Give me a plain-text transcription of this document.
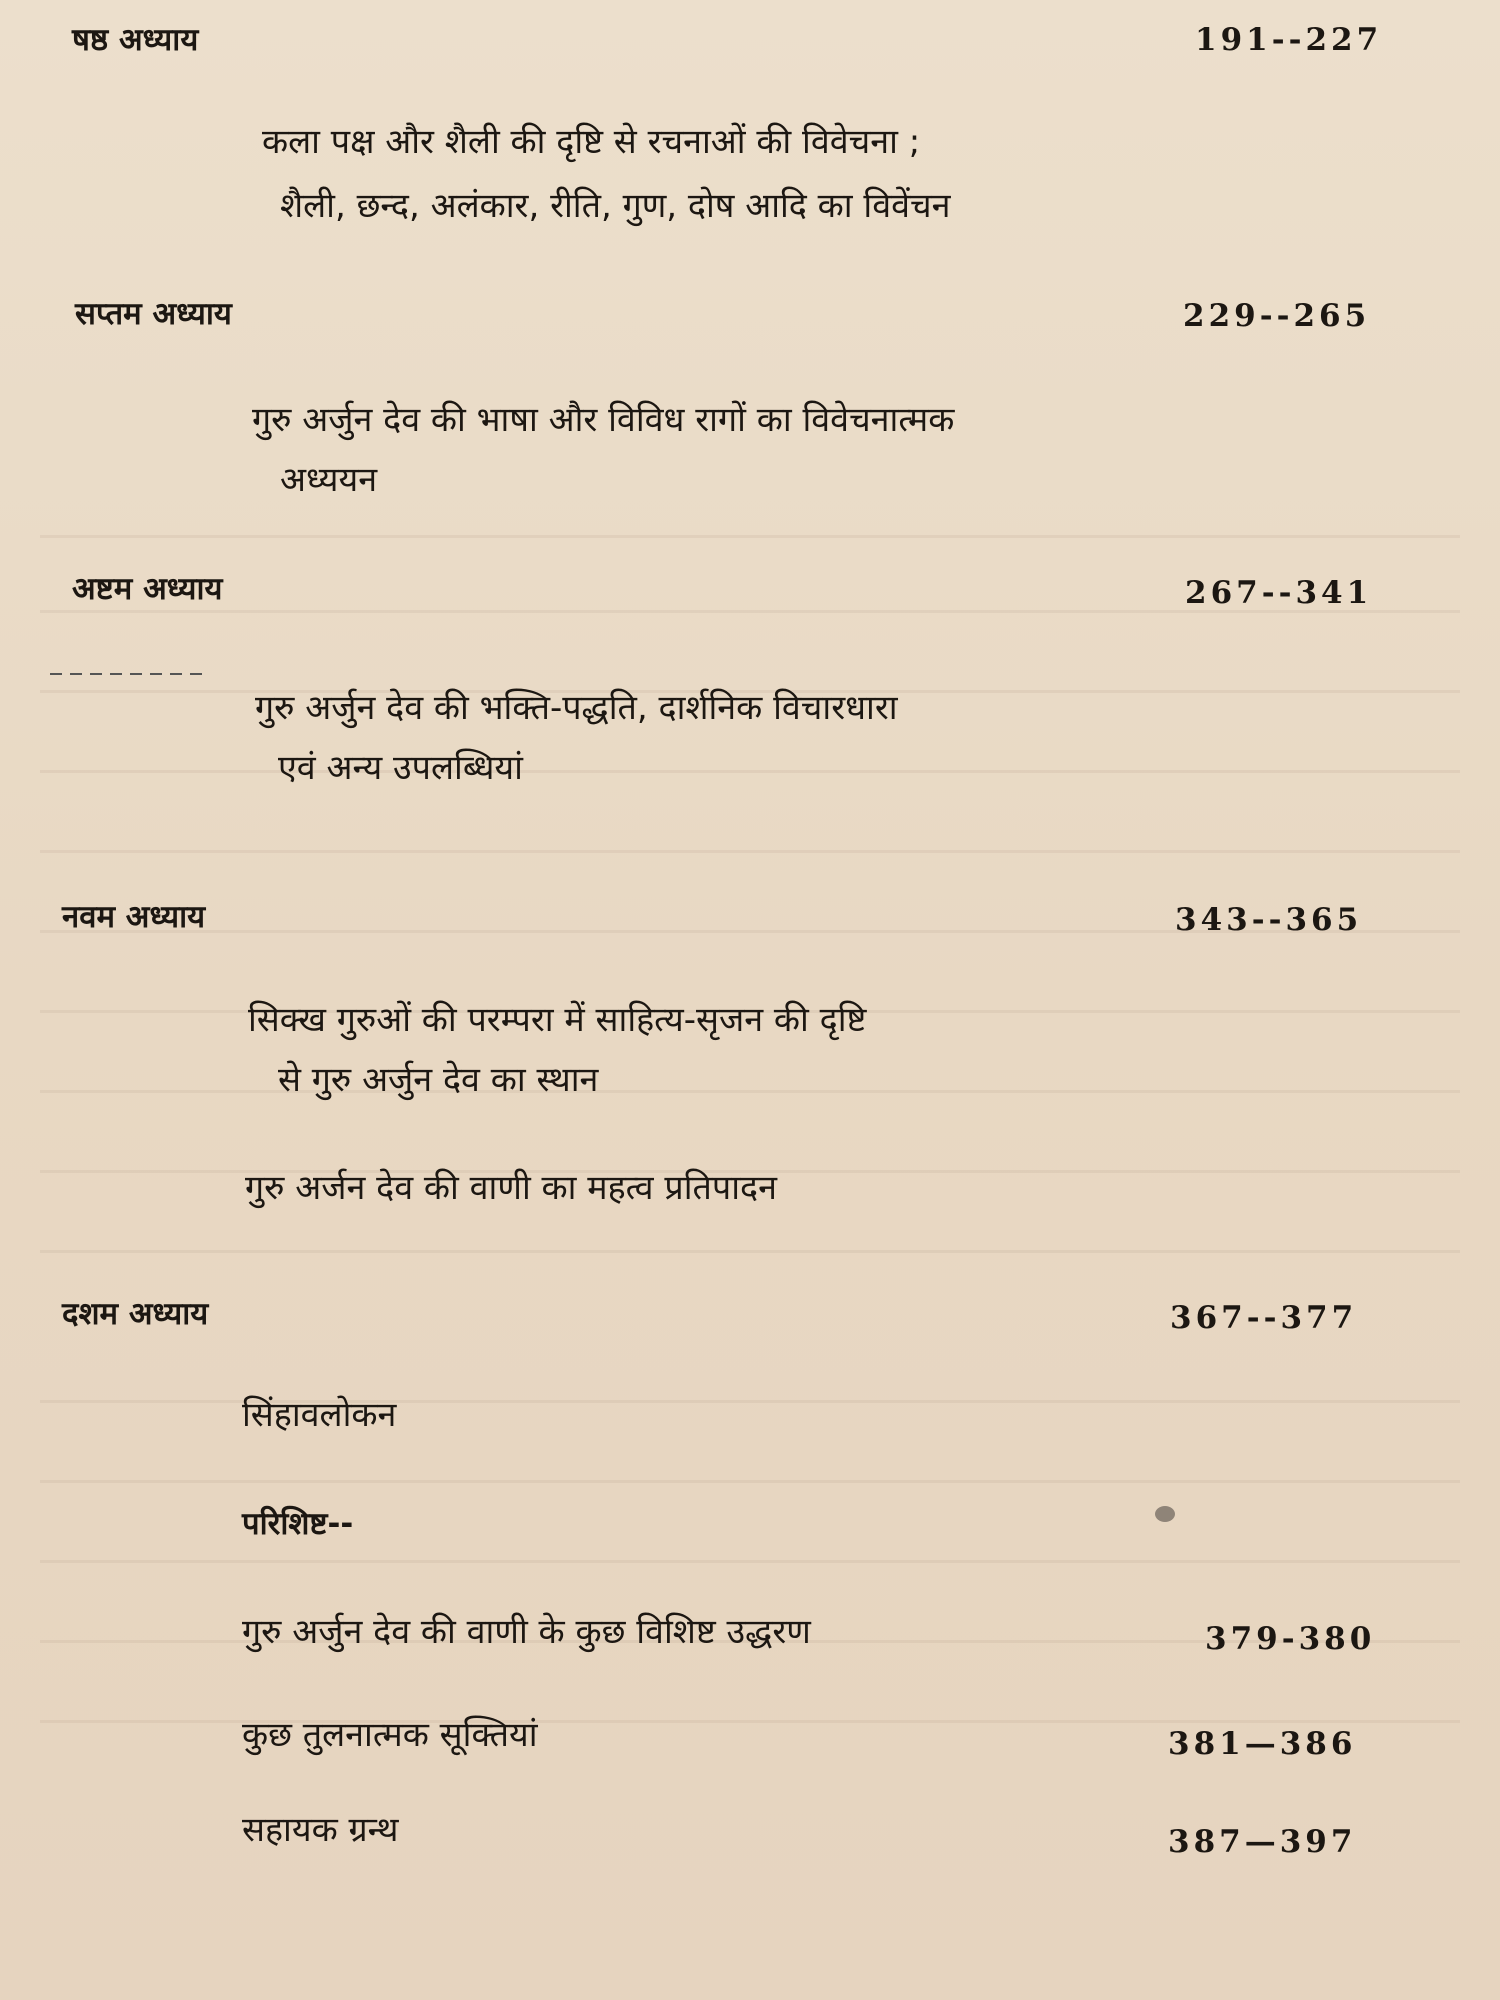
षष्ठ अध्याय	191--227
कला पक्ष और शैली की दृष्टि से रचनाओं की विवेचना ;
शैली, छन्द, अलंकार, रीति, गुण, दोष आदि का विवेंचन
सप्तम अध्याय	229--265
गुरु अर्जुन देव की भाषा और विविध रागों का विवेचनात्मक
अध्ययन
अष्टम अध्याय	267--341
गुरु अर्जुन देव की भक्ति-पद्धति, दार्शनिक विचारधारा
एवं अन्य उपलब्धियां
नवम अध्याय	343--365
सिक्ख गुरुओं की परम्परा में साहित्य-सृजन की दृष्टि
से गुरु अर्जुन देव का स्थान
गुरु अर्जन देव की वाणी का महत्व प्रतिपादन
दशम अध्याय	367--377
सिंहावलोकन
परिशिष्ट--
गुरु अर्जुन देव की वाणी के कुछ विशिष्ट उद्धरण	379-380
कुछ तुलनात्मक सूक्तियां	381—386
सहायक ग्रन्थ	387—397
